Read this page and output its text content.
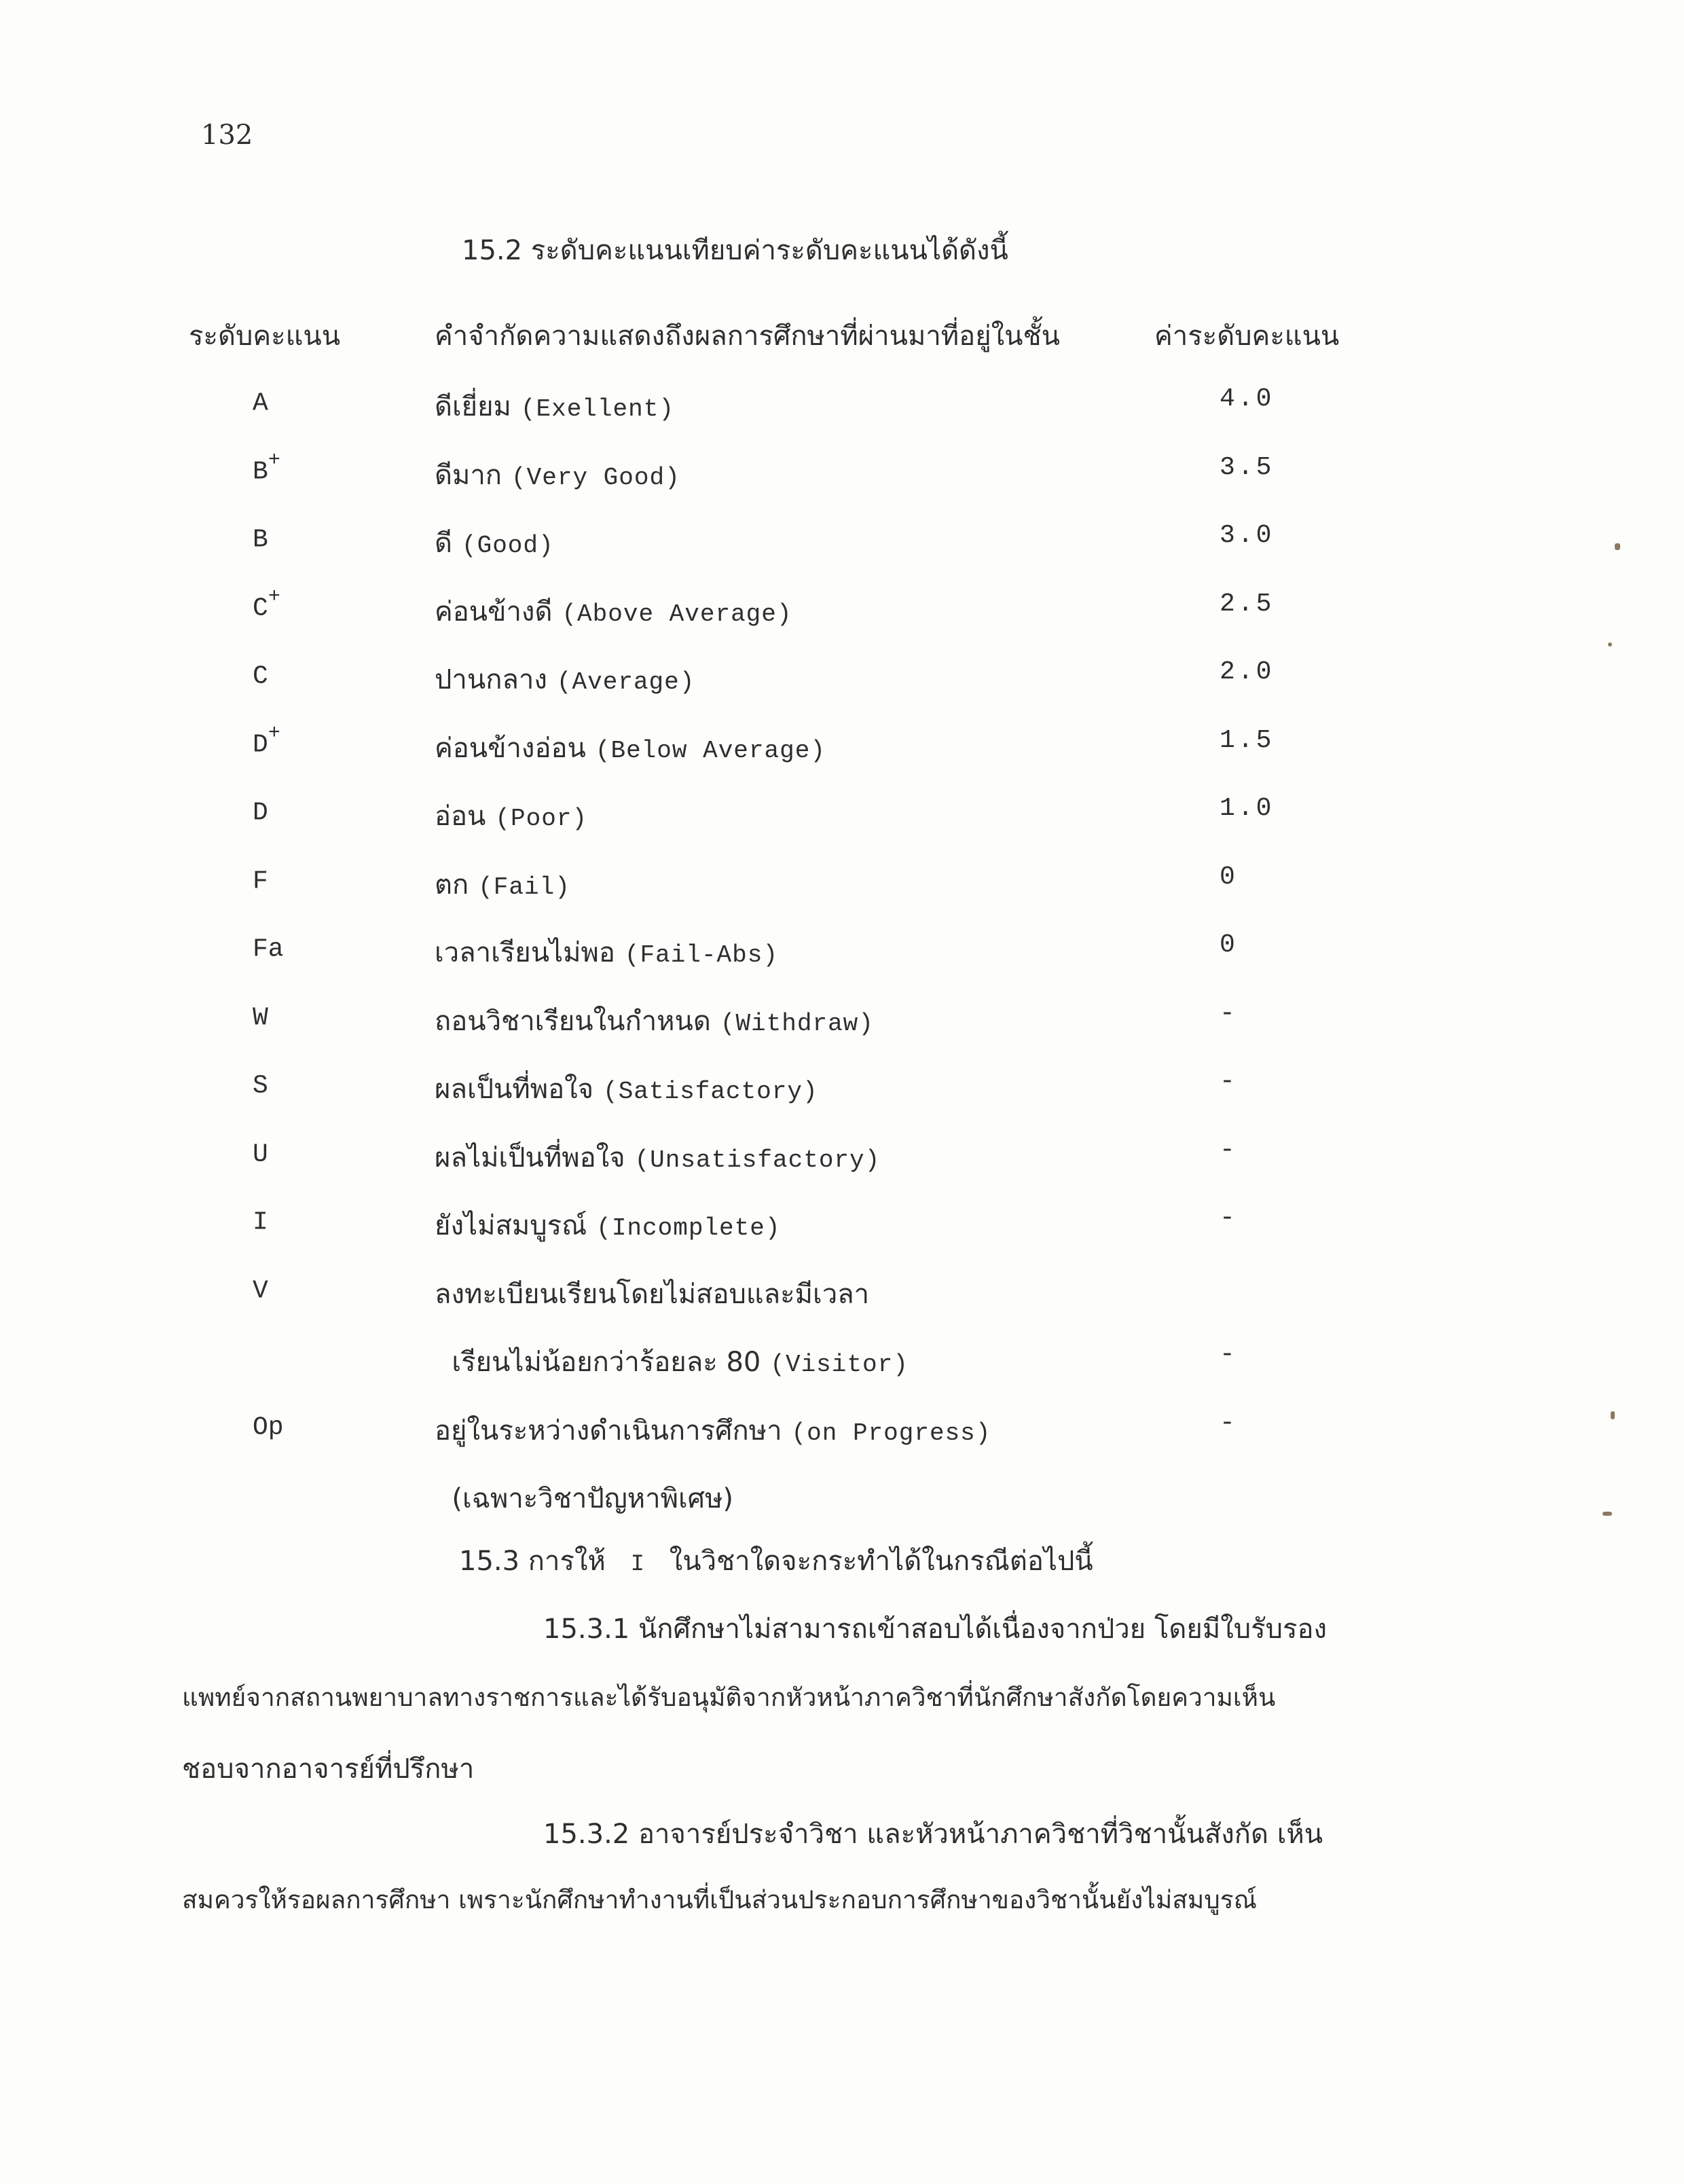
132
15.2 ระดับคะแนนเทียบค่าระดับคะแนนได้ดังนี้
ระดับคะแนน	คำจำกัดความแสดงถึงผลการศึกษาที่ผ่านมาที่อยู่ในชั้น	ค่าระดับคะแนน
A	ดีเยี่ยม (Exellent)	4.0
B+	ดีมาก (Very Good)	3.5
B	ดี (Good)	3.0
C+	ค่อนข้างดี (Above Average)	2.5
C	ปานกลาง (Average)	2.0
D+	ค่อนข้างอ่อน (Below Average)	1.5
D	อ่อน (Poor)	1.0
F	ตก (Fail)	0
Fa	เวลาเรียนไม่พอ (Fail-Abs)	0
W	ถอนวิชาเรียนในกำหนด (Withdraw)	-
S	ผลเป็นที่พอใจ (Satisfactory)	-
U	ผลไม่เป็นที่พอใจ (Unsatisfactory)	-
I	ยังไม่สมบูรณ์ (Incomplete)	-
V	ลงทะเบียนเรียนโดยไม่สอบและมีเวลา
เรียนไม่น้อยกว่าร้อยละ 80 (Visitor)	-
Op	อยู่ในระหว่างดำเนินการศึกษา (on Progress)	-
(เฉพาะวิชาปัญหาพิเศษ)
15.3 การให้ I ในวิชาใดจะกระทำได้ในกรณีต่อไปนี้
15.3.1 นักศึกษาไม่สามารถเข้าสอบได้เนื่องจากป่วย โดยมีใบรับรอง
แพทย์จากสถานพยาบาลทางราชการและได้รับอนุมัติจากหัวหน้าภาควิชาที่นักศึกษาสังกัดโดยความเห็น
ชอบจากอาจารย์ที่ปรึกษา
15.3.2 อาจารย์ประจำวิชา และหัวหน้าภาควิชาที่วิชานั้นสังกัด เห็น
สมควรให้รอผลการศึกษา เพราะนักศึกษาทำงานที่เป็นส่วนประกอบการศึกษาของวิชานั้นยังไม่สมบูรณ์
